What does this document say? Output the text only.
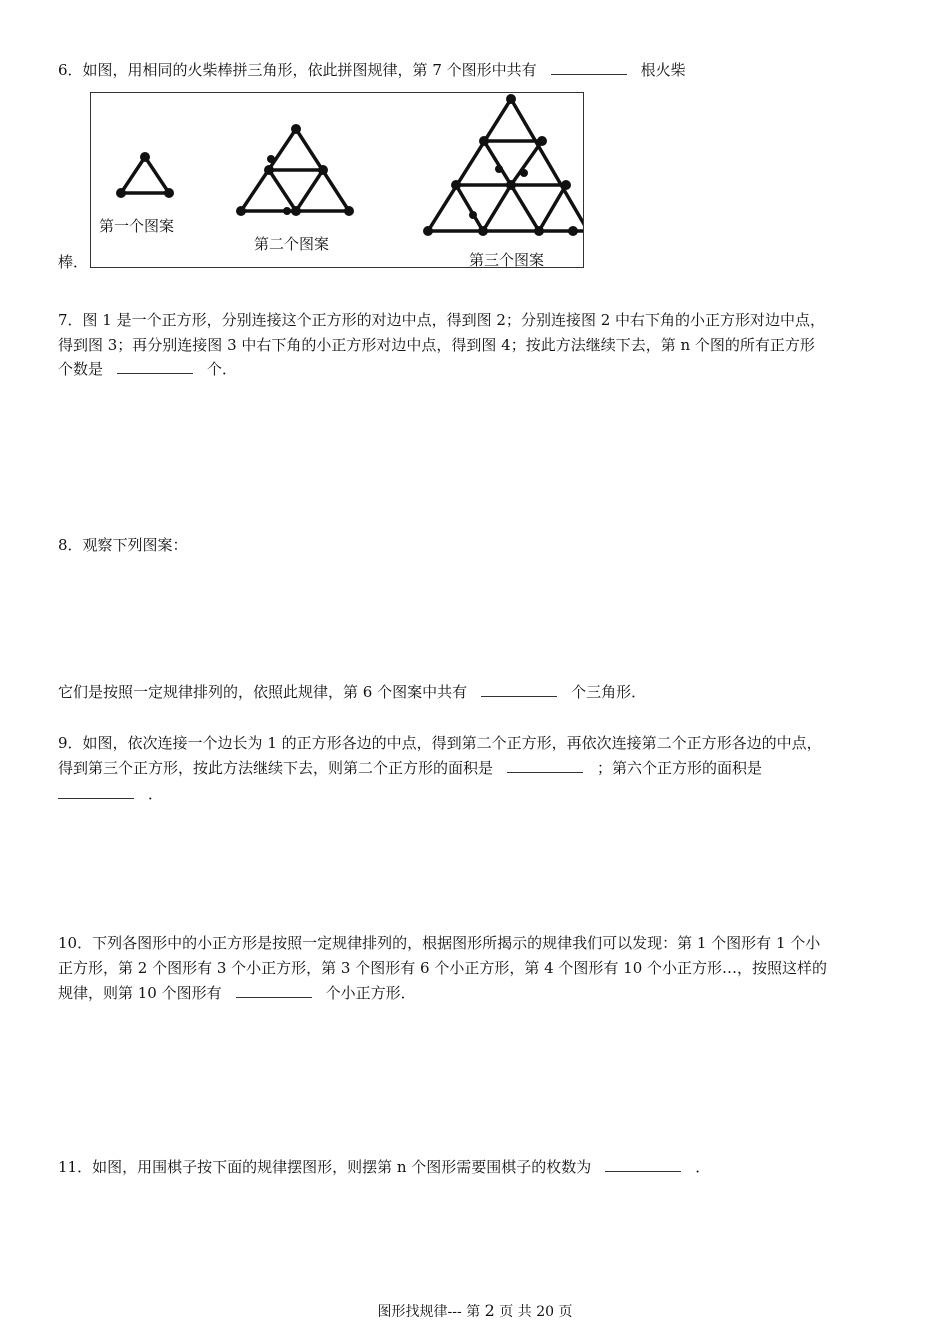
6．如图，用相同的火柴棒拼三角形，依此拼图规律，第 7 个图形中共有	根火柴
棒．
第一个图案
第二个图案
第三个图案
7．图 1 是一个正方形，分别连接这个正方形的对边中点，得到图 2；分别连接图 2 中右下角的小正方形对边中点，
得到图 3；再分别连接图 3 中右下角的小正方形对边中点，得到图 4；按此方法继续下去，第 n 个图的所有正方形
个数是	个．
8．观察下列图案：
它们是按照一定规律排列的，依照此规律，第 6 个图案中共有	个三角形．
9．如图，依次连接一个边长为 1 的正方形各边的中点，得到第二个正方形，再依次连接第二个正方形各边的中点，
得到第三个正方形，按此方法继续下去，则第二个正方形的面积是	；第六个正方形的面积是
．
10．下列各图形中的小正方形是按照一定规律排列的，根据图形所揭示的规律我们可以发现：第 1 个图形有 1 个小
正方形，第 2 个图形有 3 个小正方形，第 3 个图形有 6 个小正方形，第 4 个图形有 10 个小正方形…，按照这样的
规律，则第 10 个图形有	个小正方形．
11．如图，用围棋子按下面的规律摆图形，则摆第 n 个图形需要围棋子的枚数为	．
图形找规律--- 第 2 页 共 20 页
